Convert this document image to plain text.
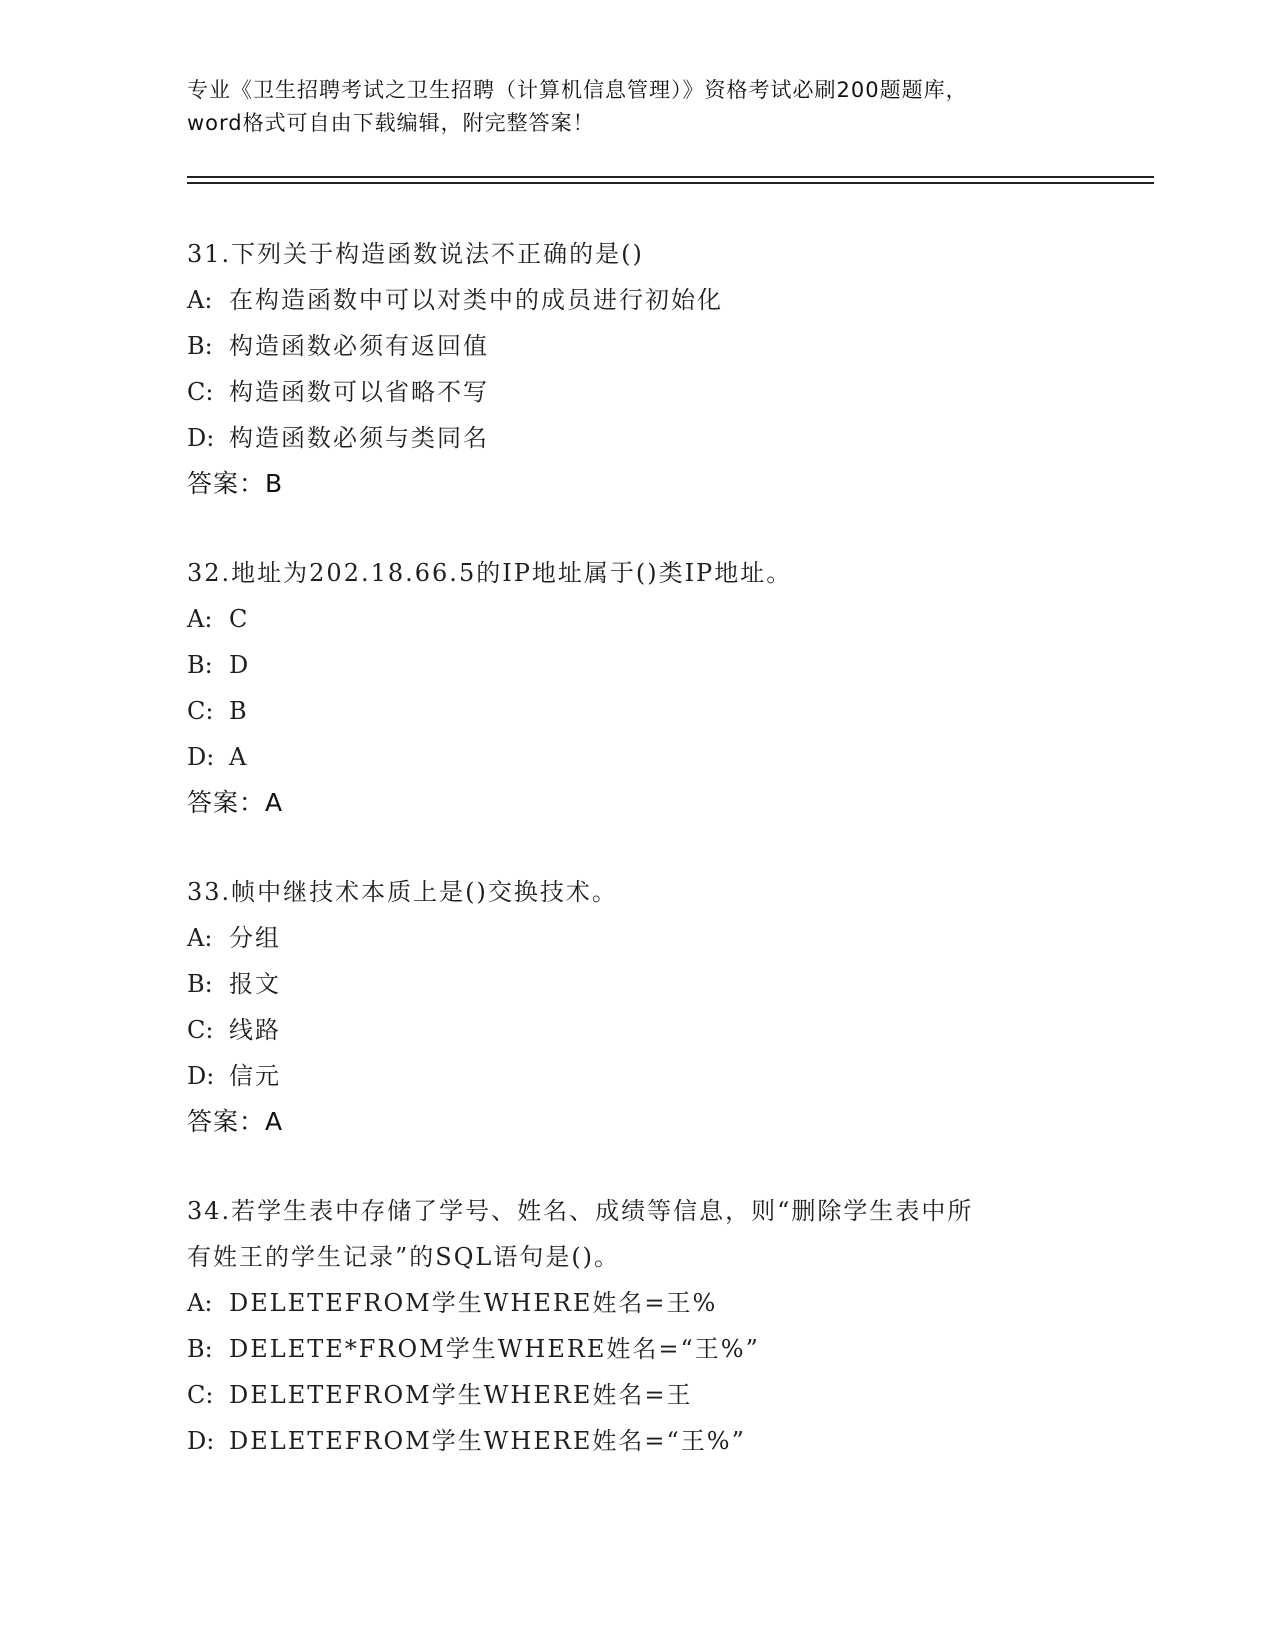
专业《卫生招聘考试之卫生招聘（计算机信息管理）》资格考试必刷200题题库，
word格式可自由下载编辑，附完整答案！
31.下列关于构造函数说法不正确的是()
A: 在构造函数中可以对类中的成员进行初始化
B: 构造函数必须有返回值
C: 构造函数可以省略不写
D: 构造函数必须与类同名
答案：B
32.地址为202.18.66.5的IP地址属于()类IP地址。
A: C
B: D
C: B
D: A
答案：A
33.帧中继技术本质上是()交换技术。
A: 分组
B: 报文
C: 线路
D: 信元
答案：A
34.若学生表中存储了学号、姓名、成绩等信息，则“删除学生表中所
有姓王的学生记录”的SQL语句是()。
A: DELETEFROM学生WHERE姓名=王%
B: DELETE*FROM学生WHERE姓名=“王%”
C: DELETEFROM学生WHERE姓名=王
D: DELETEFROM学生WHERE姓名=“王%”
